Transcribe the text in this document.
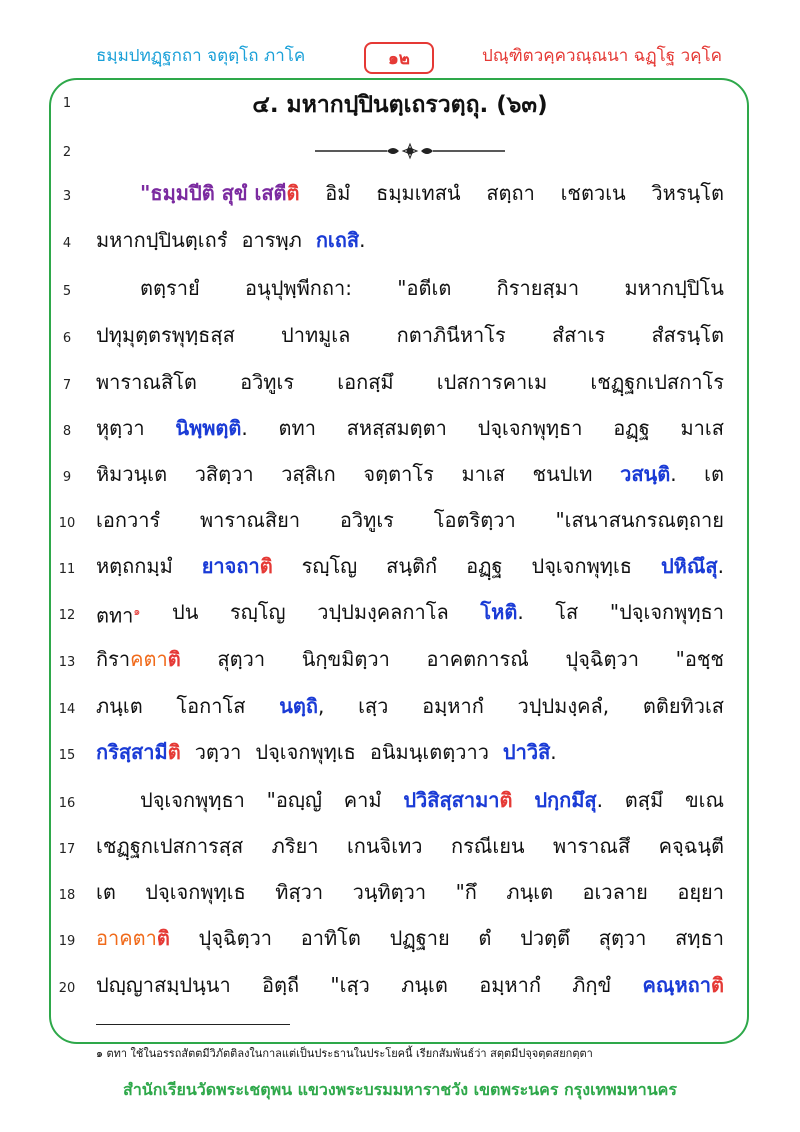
ธมฺมปทฏฺฐกถา จตุตฺโถ ภาโค	๑๒	ปณฺฑิตวคฺควณฺณนา ฉฏฺโฐ วคฺโค
1	๔. มหากปฺปินตฺเถรวตฺถุ. (๖๓)
2
3	"ธมฺมปีติ สุขํ เสตีติ อิมํ ธมฺมเทสนํ สตฺถา เชตวเน วิหรนฺโต
4	มหากปฺปินตฺเถรํ อารพฺภ กเถสิ.
5	ตตฺรายํ อนุปุพฺพีกถา: "อตีเต กิรายสฺมา มหากปฺปิโน
6	ปทุมุตฺตรพุทฺธสฺส ปาทมูเล กตาภินีหาโร สํสาเร สํสรนฺโต
7	พาราณสิโต อวิทูเร เอกสฺมึ เปสการคาเม เชฏฺฐกเปสกาโร
8	หุตฺวา นิพฺพตฺติ. ตทา สหสฺสมตฺตา ปจฺเจกพุทฺธา อฏฺฐ มาเส
9	หิมวนฺเต วสิตฺวา วสฺสิเก จตฺตาโร มาเส ชนปเท วสนฺติ. เต
10 เอกวารํ พาราณสิยา อวิทูเร โอตริตฺวา "เสนาสนกรณตฺถาย
11 หตฺถกมฺมํ ยาจถาติ รญฺโญ สนฺติกํ อฏฺฐ ปจฺเจกพุทฺเธ ปหิณึสุ.
12 ตทา$^๑$ ปน รญฺโญ วปฺปมงฺคลกาโล โหติ. โส "ปจฺเจกพุทฺธา
13 กิราคตาติ สุตฺวา นิกฺขมิตฺวา อาคตการณํ ปุจฺฉิตฺวา "อชฺช
14 ภนฺเต โอกาโส นตฺถิ, เสฺว อมฺหากํ วปฺปมงฺคลํ, ตติยทิวเส
15 กริสฺสามีติ วตฺวา ปจฺเจกพุทฺเธ อนิมนฺเตตฺวาว ปาวิสิ.
16	ปจฺเจกพุทฺธา "อญฺญํ คามํ ปวิสิสฺสามาติ ปกฺกมึสุ. ตสฺมึ ขเณ
17 เชฏฺฐกเปสการสฺส ภริยา เกนจิเทว กรณีเยน พาราณสึ คจฺฉนฺตี
18 เต ปจฺเจกพุทฺเธ ทิสฺวา วนฺทิตฺวา "กึ ภนฺเต อเวลาย อยฺยา
19 อาคตาติ ปุจฺฉิตฺวา อาทิโต ปฏฺฐาย ตํ ปวตฺตึ สุตฺวา สทฺธา
20 ปญฺญาสมฺปนฺนา อิตฺถี "เสฺว ภนฺเต อมฺหากํ ภิกฺขํ คณฺหถาติ
๑ ตทา ใช้ในอรรถสัตตมีวิภัตติลงในกาลแต่เป็นประธานในประโยคนี้ เรียกสัมพันธ์ว่า สตฺตมีปจฺจตฺตสยกตฺตา
สำนักเรียนวัดพระเชตุพน แขวงพระบรมมหาราชวัง เขตพระนคร กรุงเทพมหานคร
